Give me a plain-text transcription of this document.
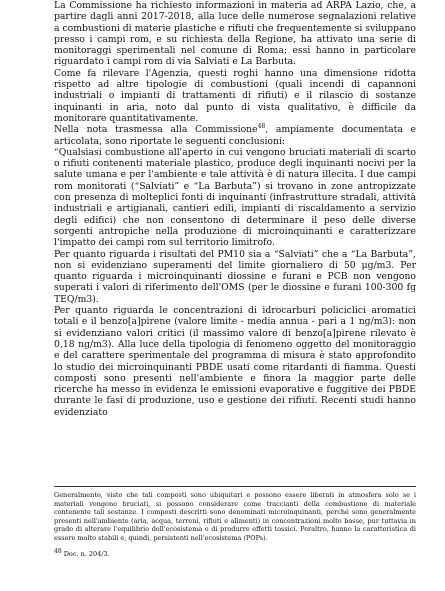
La Commissione ha richiesto informazioni in materia ad ARPA Lazio, che, a partire dagli anni 2017-2018, alla luce delle numerose segnalazioni relative a combustioni di materie plastiche e rifiuti che frequentemente si sviluppano presso i campi rom, e su richiesta della Regione, ha attivato una serie di monitoraggi sperimentali nel comune di Roma; essi hanno in particolare riguardato i campi rom di via Salviati e La Barbuta.

Come fa rilevare l'Agenzia, questi roghi hanno una dimensione ridotta rispetto ad altre tipologie di combustioni (quali incendi di capannoni industriali o impianti di trattamenti di rifiuti) e il rilascio di sostanze inquinanti in aria, noto dal punto di vista qualitativo, è difficile da monitorare quantitativamente.

Nella nota trasmessa alla Commissione$^{48}$, ampiamente documentata e articolata, sono riportate le seguenti conclusioni:

“Qualsiasi combustione all'aperto in cui vengono bruciati materiali di scarto o rifiuti contenenti materiale plastico, produce degli inquinanti nocivi per la salute umana e per l'ambiente e tale attività è di natura illecita. I due campi rom monitorati (“Salviati” e “La Barbuta”) si trovano in zone antropizzate con presenza di molteplici fonti di inquinanti (infrastrutture stradali, attività industriali e artigianali, cantieri edili, impianti di riscaldamento a servizio degli edifici) che non consentono di determinare il peso delle diverse sorgenti antropiche nella produzione di microinquinanti e caratterizzare l'impatto dei campi rom sul territorio limitrofo.

Per quanto riguarda i risultati del PM10 sia a “Salviati” che a “La Barbuta”, non si evidenziano superamenti del limite giornaliero di 50 μg/m3. Per quanto riguarda i microinquinanti diossine e furani e PCB non vengono superati i valori di riferimento dell'OMS (per le diossine e furani 100-300 fg TEQ/m3).

Per quanto riguarda le concentrazioni di idrocarburi policiclici aromatici totali e il benzo[a]pirene (valore limite - media annua - pari a 1 ng/m3): non si evidenziano valori critici (il massimo valore di benzo[a]pirene rilevato è 0,18 ng/m3). Alla luce della tipologia di fenomeno oggetto del monitoraggio e del carattere sperimentale del programma di misura è stato approfondito lo studio dei microinquinanti PBDE usati come ritardanti di fiamma. Questi composti sono presenti nell'ambiente e finora la maggior parte delle ricerche ha messo in evidenza le emissioni evaporative e fuggitive dei PBDE durante le fasi di produzione, uso e gestione dei rifiuti. Recenti studi hanno evidenziato

Generalmente, visto che tali composti sono ubiquitari e possono essere liberati in atmosfera solo se i materiali vengono bruciati, si possono considerare come traccianti della combustione di materiale contenente tali sostanze. I composti descritti sono denominati microinquinanti, perché sono generalmente presenti nell'ambiente (aria, acqua, terreni, rifiuti e alimenti) in concentrazioni molto basse, pur tuttavia in grado di alterare l'equilibrio dell'ecosistema e di produrre effetti tossici. Peraltro, hanno la caratteristica di essere molto stabili e, quindi, persistenti nell'ecosistema (POPs).

$^{48}$ Doc. n. 204/3.
